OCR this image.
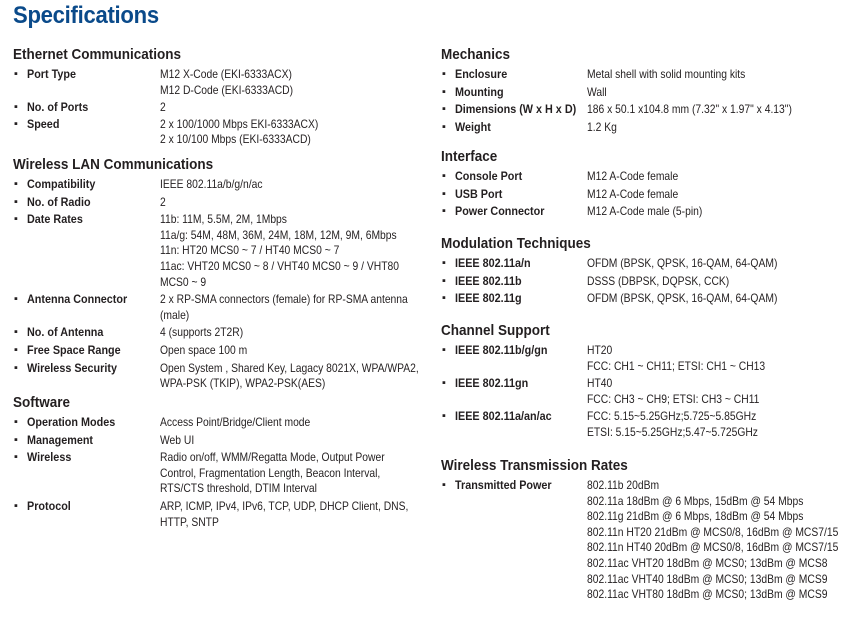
Specifications
Ethernet Communications
▪ Port Type	M12 X-Code (EKI-6333ACX)
M12 D-Code (EKI-6333ACD)
▪ No. of Ports	2
▪ Speed	2 x 100/1000 Mbps EKI-6333ACX)
2 x 10/100 Mbps (EKI-6333ACD)
Wireless LAN Communications
▪ Compatibility	IEEE 802.11a/b/g/n/ac
▪ No. of Radio	2
▪ Date Rates	11b: 11M, 5.5M, 2M, 1Mbps
11a/g: 54M, 48M, 36M, 24M, 18M, 12M, 9M, 6Mbps
11n: HT20 MCS0 ~ 7 / HT40 MCS0 ~ 7
11ac: VHT20 MCS0 ~ 8 / VHT40 MCS0 ~ 9 / VHT80
MCS0 ~ 9
▪ Antenna Connector	2 x RP-SMA connectors (female) for RP-SMA antenna
(male)
▪ No. of Antenna	4 (supports 2T2R)
▪ Free Space Range	Open space 100 m
▪ Wireless Security	Open System , Shared Key, Lagacy 8021X, WPA/WPA2,
WPA-PSK (TKIP), WPA2-PSK(AES)
Software
▪ Operation Modes	Access Point/Bridge/Client mode
▪ Management	Web UI
▪ Wireless	Radio on/off, WMM/Regatta Mode, Output Power
Control, Fragmentation Length, Beacon Interval,
RTS/CTS threshold, DTIM Interval
▪ Protocol	ARP, ICMP, IPv4, IPv6, TCP, UDP, DHCP Client, DNS,
HTTP, SNTP
Mechanics
▪ Enclosure	Metal shell with solid mounting kits
▪ Mounting	Wall
▪ Dimensions (W x H x D) 186 x 50.1 x104.8 mm (7.32" x 1.97" x 4.13")
▪ Weight	1.2 Kg
Interface
▪ Console Port	M12 A-Code female
▪ USB Port	M12 A-Code female
▪ Power Connector	M12 A-Code male (5-pin)
Modulation Techniques
▪ IEEE 802.11a/n	OFDM (BPSK, QPSK, 16-QAM, 64-QAM)
▪ IEEE 802.11b	DSSS (DBPSK, DQPSK, CCK)
▪ IEEE 802.11g	OFDM (BPSK, QPSK, 16-QAM, 64-QAM)
Channel Support
▪ IEEE 802.11b/g/gn	HT20
FCC: CH1 ~ CH11; ETSI: CH1 ~ CH13
▪ IEEE 802.11gn	HT40
FCC: CH3 ~ CH9; ETSI: CH3 ~ CH11
▪ IEEE 802.11a/an/ac	FCC: 5.15~5.25GHz;5.725~5.85GHz
ETSI: 5.15~5.25GHz;5.47~5.725GHz
Wireless Transmission Rates
▪ Transmitted Power	802.11b 20dBm
802.11a 18dBm @ 6 Mbps, 15dBm @ 54 Mbps
802.11g 21dBm @ 6 Mbps, 18dBm @ 54 Mbps
802.11n HT20 21dBm @ MCS0/8, 16dBm @ MCS7/15
802.11n HT40 20dBm @ MCS0/8, 16dBm @ MCS7/15
802.11ac VHT20 18dBm @ MCS0; 13dBm @ MCS8
802.11ac VHT40 18dBm @ MCS0; 13dBm @ MCS9
802.11ac VHT80 18dBm @ MCS0; 13dBm @ MCS9
